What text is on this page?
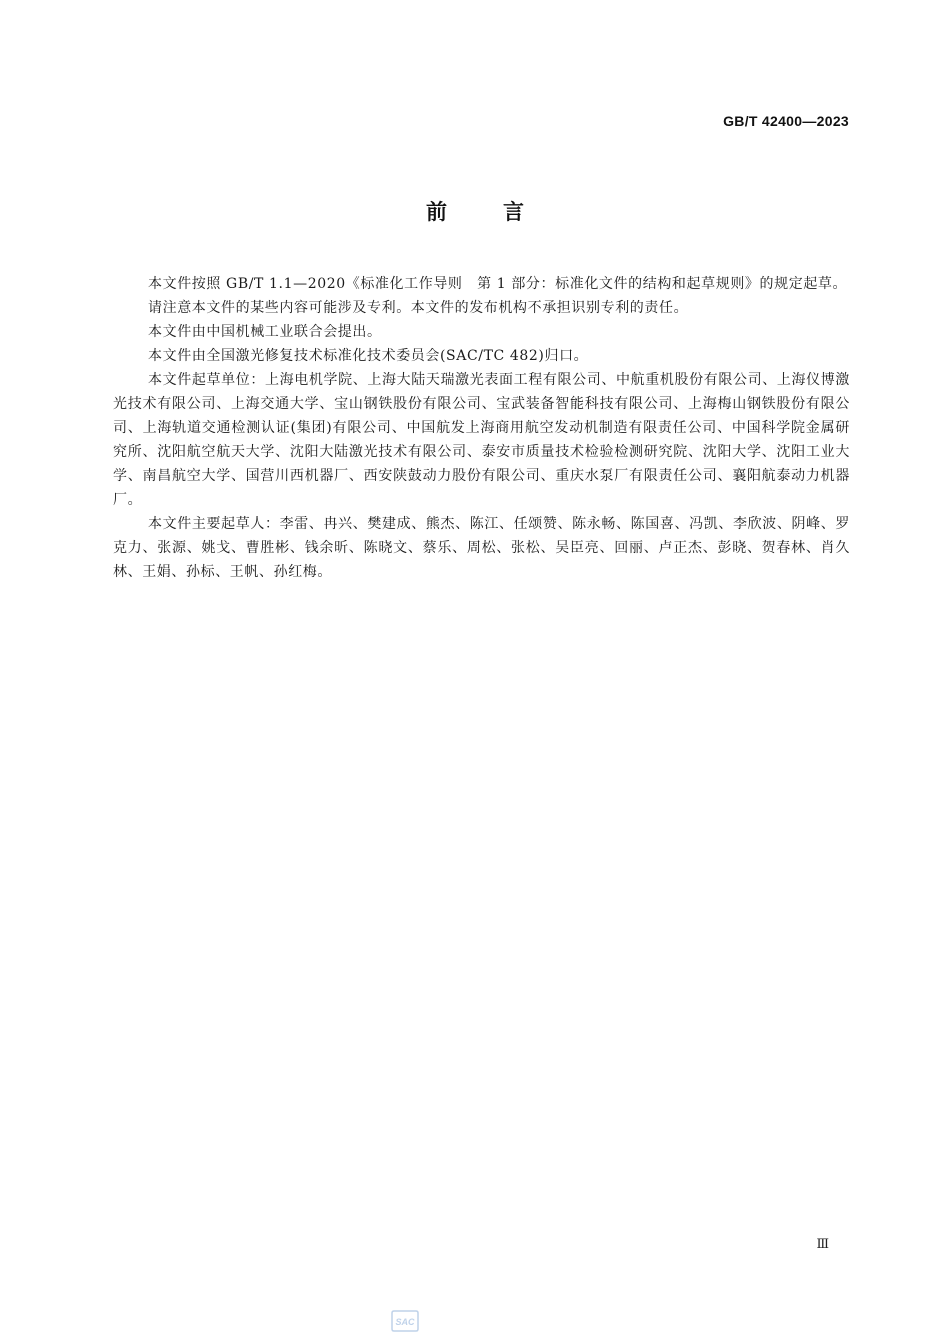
GB/T 42400—2023
前言

本文件按照 GB/T 1.1—2020《标准化工作导则　第 1 部分：标准化文件的结构和起草规则》的规定起草。

请注意本文件的某些内容可能涉及专利。本文件的发布机构不承担识别专利的责任。

本文件由中国机械工业联合会提出。

本文件由全国激光修复技术标准化技术委员会(SAC/TC 482)归口。

本文件起草单位：上海电机学院、上海大陆天瑞激光表面工程有限公司、中航重机股份有限公司、上海仪博激光技术有限公司、上海交通大学、宝山钢铁股份有限公司、宝武装备智能科技有限公司、上海梅山钢铁股份有限公司、上海轨道交通检测认证(集团)有限公司、中国航发上海商用航空发动机制造有限责任公司、中国科学院金属研究所、沈阳航空航天大学、沈阳大陆激光技术有限公司、泰安市质量技术检验检测研究院、沈阳大学、沈阳工业大学、南昌航空大学、国营川西机器厂、西安陕鼓动力股份有限公司、重庆水泵厂有限责任公司、襄阳航泰动力机器厂。

本文件主要起草人：李雷、冉兴、樊建成、熊杰、陈江、任颂赞、陈永畅、陈国喜、冯凯、李欣波、阴峰、罗克力、张源、姚戈、曹胜彬、钱余昕、陈晓文、蔡乐、周松、张松、吴臣亮、回丽、卢正杰、彭晓、贺春林、肖久林、王娟、孙标、王帆、孙红梅。

Ⅲ
SAC
